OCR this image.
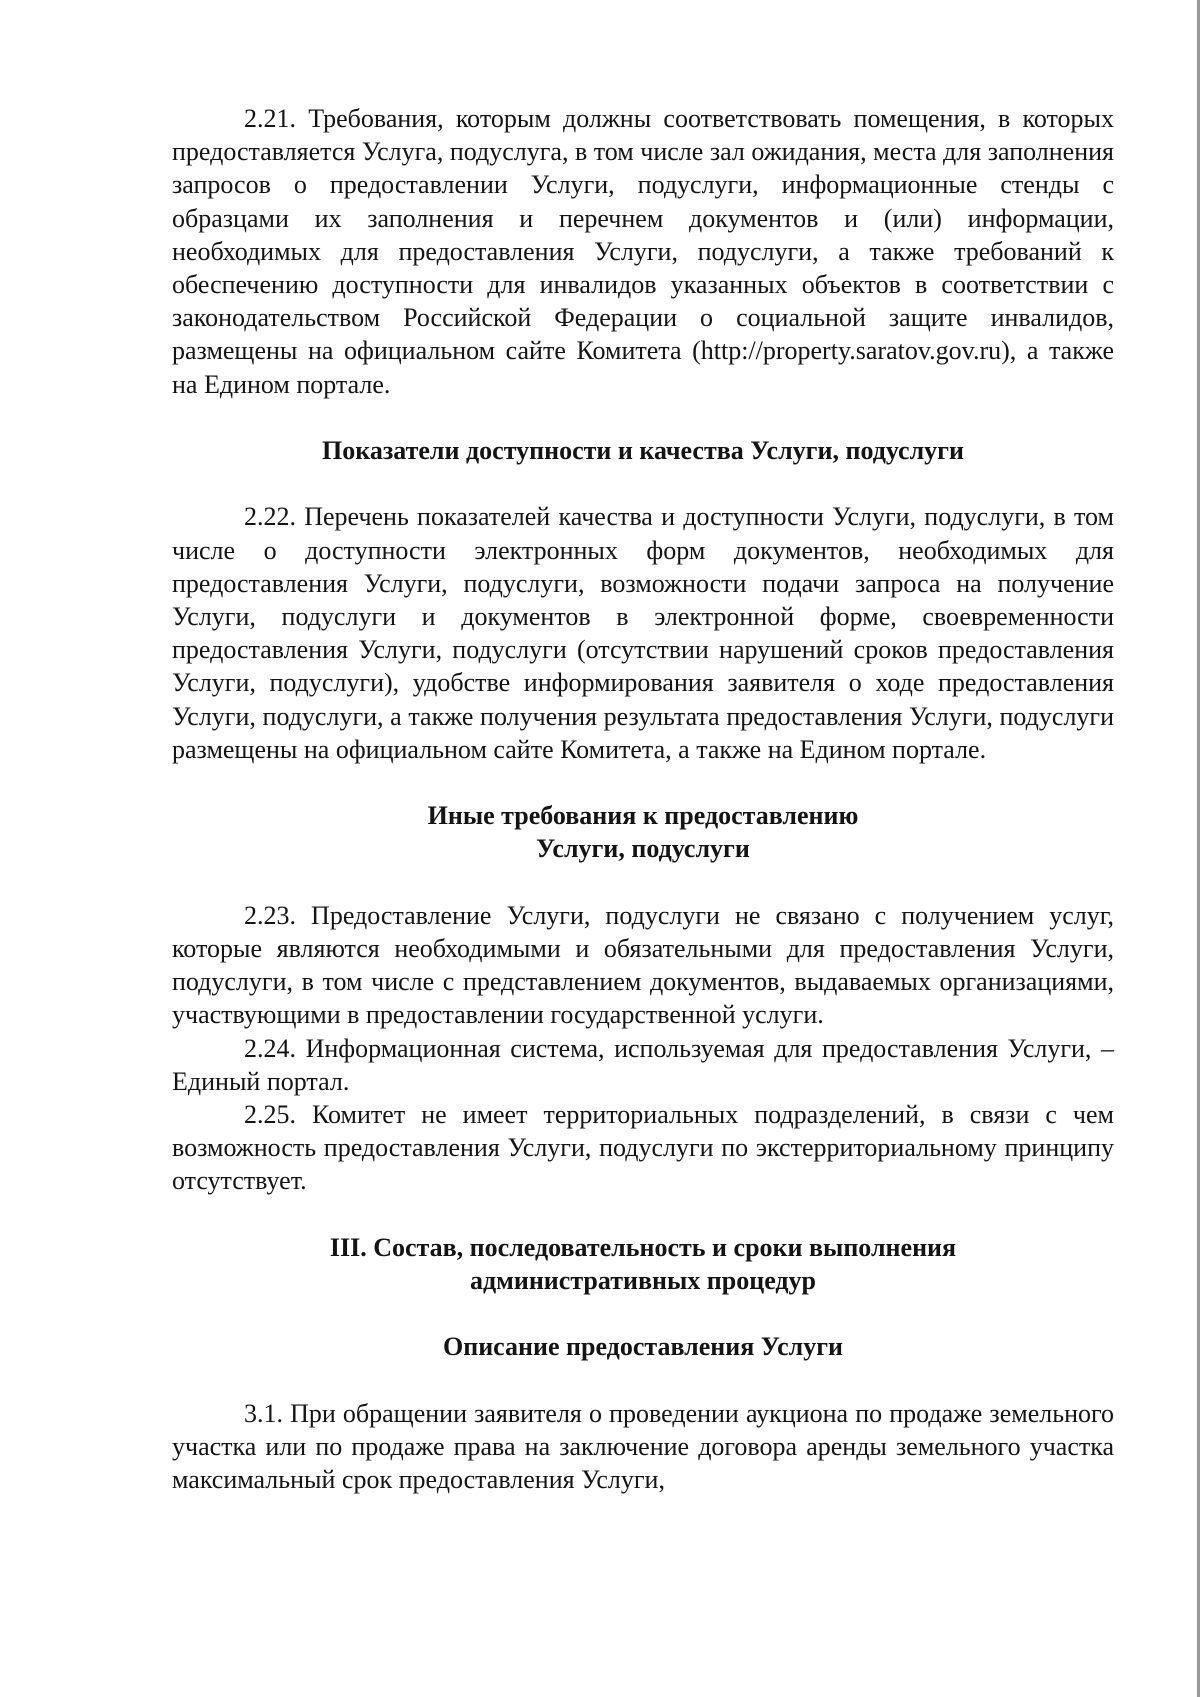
2.21. Требования, которым должны соответствовать помещения, в которых предоставляется Услуга, подуслуга, в том числе зал ожидания, места для заполнения запросов о предоставлении Услуги, подуслуги, информационные стенды с образцами их заполнения и перечнем документов и (или) информации, необходимых для предоставления Услуги, подуслуги, а также требований к обеспечению доступности для инвалидов указанных объектов в соответствии с законодательством Российской Федерации о социальной защите инвалидов, размещены на официальном сайте Комитета (http://property.saratov.gov.ru), а также на Едином портале.

Показатели доступности и качества Услуги, подуслуги

2.22. Перечень показателей качества и доступности Услуги, подуслуги, в том числе о доступности электронных форм документов, необходимых для предоставления Услуги, подуслуги, возможности подачи запроса на получение Услуги, подуслуги и документов в электронной форме, своевременности предоставления Услуги, подуслуги (отсутствии нарушений сроков предоставления Услуги, подуслуги), удобстве информирования заявителя о ходе предоставления Услуги, подуслуги, а также получения результата предоставления Услуги, подуслуги размещены на официальном сайте Комитета, а также на Едином портале.

Иные требования к предоставлению
Услуги, подуслуги

2.23. Предоставление Услуги, подуслуги не связано с получением услуг, которые являются необходимыми и обязательными для предоставления Услуги, подуслуги, в том числе с представлением документов, выдаваемых организациями, участвующими в предоставлении государственной услуги.

2.24. Информационная система, используемая для предоставления Услуги, – Единый портал.

2.25. Комитет не имеет территориальных подразделений, в связи с чем возможность предоставления Услуги, подуслуги по экстерриториальному принципу отсутствует.

III. Состав, последовательность и сроки выполнения
административных процедур

Описание предоставления Услуги

3.1. При обращении заявителя о проведении аукциона по продаже земельного участка или по продаже права на заключение договора аренды земельного участка максимальный срок предоставления Услуги,
